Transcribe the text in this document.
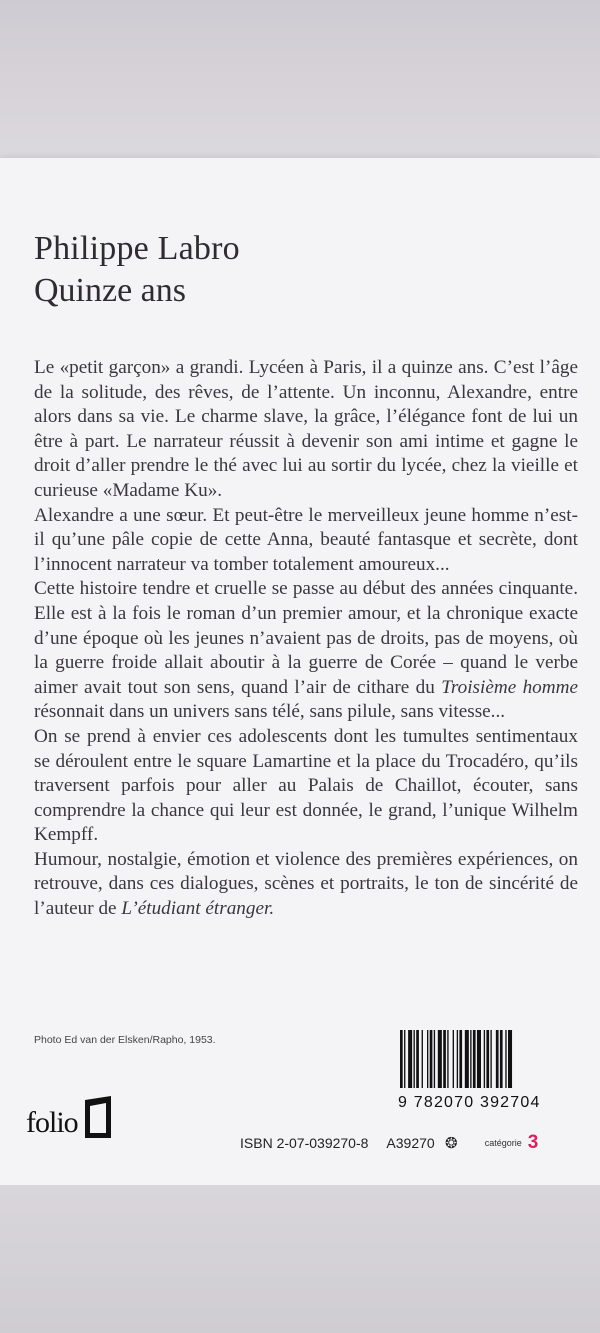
Philippe Labro
Quinze ans

Le «petit garçon» a grandi. Lycéen à Paris, il a quinze ans. C’est l’âge de la solitude, des rêves, de l’attente. Un inconnu, Alexandre, entre alors dans sa vie. Le charme slave, la grâce, l’élégance font de lui un être à part. Le narrateur réussit à devenir son ami intime et gagne le droit d’aller prendre le thé avec lui au sortir du lycée, chez la vieille et curieuse «Madame Ku».

Alexandre a une sœur. Et peut-être le merveilleux jeune homme n’est-il qu’une pâle copie de cette Anna, beauté fantasque et secrète, dont l’innocent narrateur va tomber totalement amoureux...

Cette histoire tendre et cruelle se passe au début des années cinquante. Elle est à la fois le roman d’un premier amour, et la chronique exacte d’une époque où les jeunes n’avaient pas de droits, pas de moyens, où la guerre froide allait aboutir à la guerre de Corée – quand le verbe aimer avait tout son sens, quand l’air de cithare du Troisième homme résonnait dans un univers sans télé, sans pilule, sans vitesse...

On se prend à envier ces adolescents dont les tumultes sentimentaux se déroulent entre le square Lamartine et la place du Trocadéro, qu’ils traversent parfois pour aller au Palais de Chaillot, écouter, sans comprendre la chance qui leur est donnée, le grand, l’unique Wilhelm Kempff.

Humour, nostalgie, émotion et violence des premières expériences, on retrouve, dans ces dialogues, scènes et portraits, le ton de sincérité de l’auteur de L’étudiant étranger.

Photo Ed van der Elsken/Rapho, 1953.
folio
9 782070 392704
ISBN 2-07-039270-8 A39270 ❂	catégorie 3
